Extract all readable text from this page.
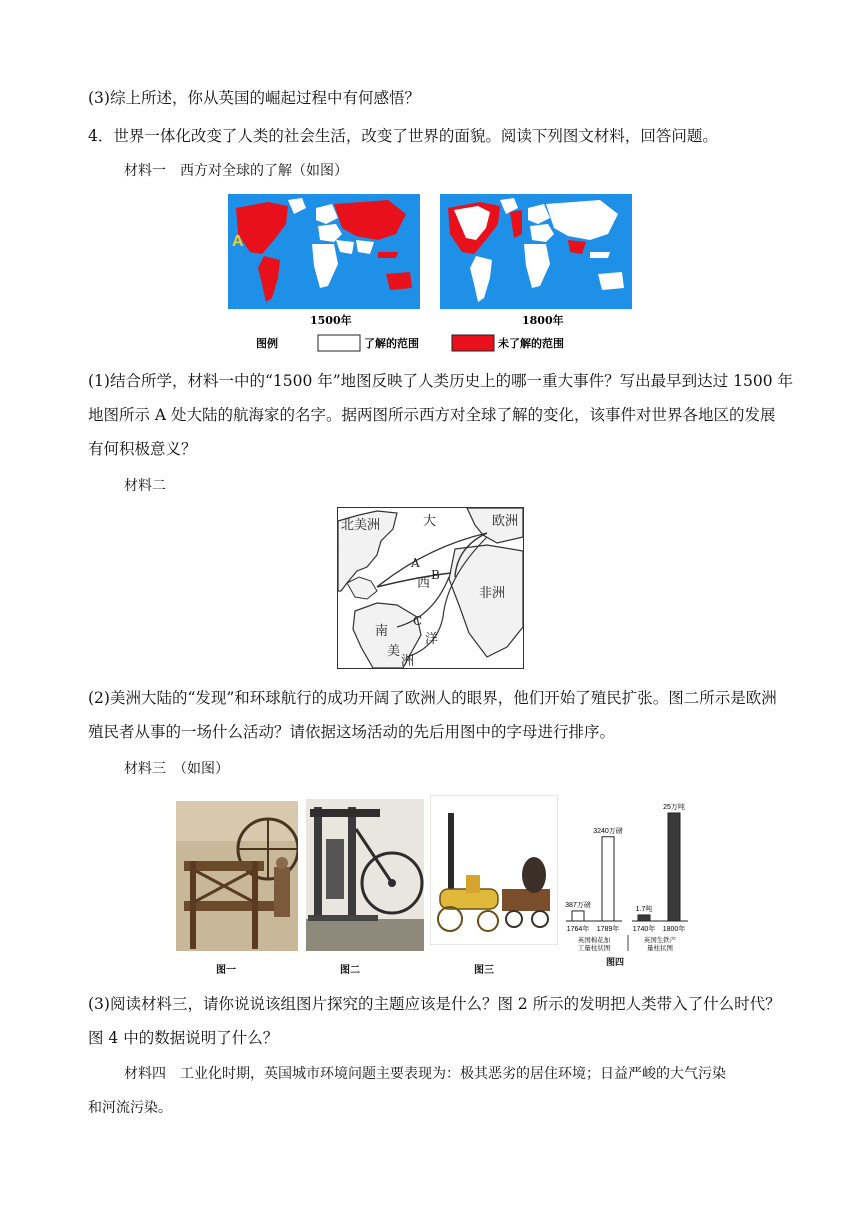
(3)综上所述，你从英国的崛起过程中有何感悟？
4．世界一体化改变了人类的社会生活，改变了世界的面貌。阅读下列图文材料，回答问题。
材料一　西方对全球的了解（如图）
A
1500年	1800年
图例	了解的范围	未了解的范围
(1)结合所学，材料一中的“1500 年”地图反映了人类历史上的哪一重大事件？写出最早到达过 1500 年
地图所示 A 处大陆的航海家的名字。据两图所示西方对全球了解的变化，该事件对世界各地区的发展
有何积极意义？
材料二
北美洲	大	欧洲
A
B
西
非洲
南
C
洋
美
洲
(2)美洲大陆的“发现”和环球航行的成功开阔了欧洲人的眼界，他们开始了殖民扩张。图二所示是欧洲
殖民者从事的一场什么活动？请依据这场活动的先后用图中的字母进行排序。
材料三　（如图）
图一	图二	图三
387万磅
1764年
3240万磅
1789年
英国棉花加
工量柱状图
1.7吨
1740年
25万吨
1800年
英国生铁产
量柱状图
图四
(3)阅读材料三，请你说说该组图片探究的主题应该是什么？图 2 所示的发明把人类带入了什么时代？
图 4 中的数据说明了什么？
材料四　工业化时期，英国城市环境问题主要表现为：极其恶劣的居住环境；日益严峻的大气污染
和河流污染。
